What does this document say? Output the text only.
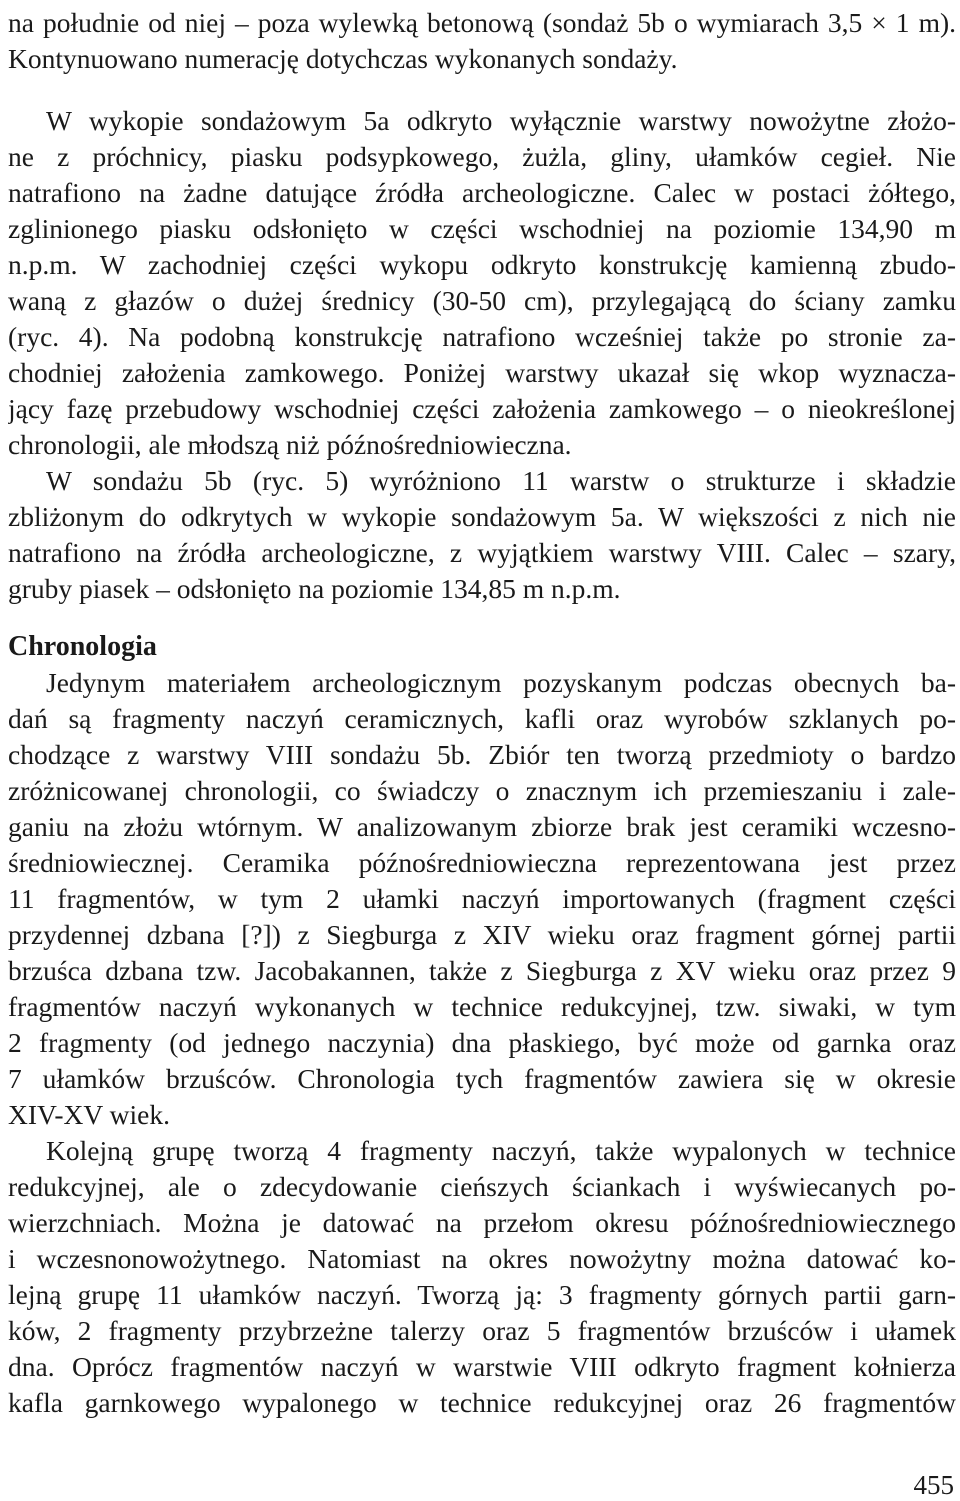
na południe od niej – poza wylewką betonową (sondaż 5b o wymiarach 3,5 × 1 m).
Kontynuowano numerację dotychczas wykonanych sondaży.
W wykopie sondażowym 5a odkryto wyłącznie warstwy nowożytne złożo-
ne z próchnicy, piasku podsypkowego, żużla, gliny, ułamków cegieł. Nie
natrafiono na żadne datujące źródła archeologiczne. Calec w postaci żółtego,
zglinionego piasku odsłonięto w części wschodniej na poziomie 134,90 m
n.p.m. W zachodniej części wykopu odkryto konstrukcję kamienną zbudo-
waną z głazów o dużej średnicy (30-50 cm), przylegającą do ściany zamku
(ryc. 4). Na podobną konstrukcję natrafiono wcześniej także po stronie za-
chodniej założenia zamkowego. Poniżej warstwy ukazał się wkop wyznacza-
jący fazę przebudowy wschodniej części założenia zamkowego – o nieokreślonej
chronologii, ale młodszą niż późnośredniowieczna.
W sondażu 5b (ryc. 5) wyróżniono 11 warstw o strukturze i składzie
zbliżonym do odkrytych w wykopie sondażowym 5a. W większości z nich nie
natrafiono na źródła archeologiczne, z wyjątkiem warstwy VIII. Calec – szary,
gruby piasek – odsłonięto na poziomie 134,85 m n.p.m.
Chronologia
Jedynym materiałem archeologicznym pozyskanym podczas obecnych ba-
dań są fragmenty naczyń ceramicznych, kafli oraz wyrobów szklanych po-
chodzące z warstwy VIII sondażu 5b. Zbiór ten tworzą przedmioty o bardzo
zróżnicowanej chronologii, co świadczy o znacznym ich przemieszaniu i zale-
ganiu na złożu wtórnym. W analizowanym zbiorze brak jest ceramiki wczesno-
średniowiecznej. Ceramika późnośredniowieczna reprezentowana jest przez
11 fragmentów, w tym 2 ułamki naczyń importowanych (fragment części
przydennej dzbana [?]) z Siegburga z XIV wieku oraz fragment górnej partii
brzuśca dzbana tzw. Jacobakannen, także z Siegburga z XV wieku oraz przez 9
fragmentów naczyń wykonanych w technice redukcyjnej, tzw. siwaki, w tym
2 fragmenty (od jednego naczynia) dna płaskiego, być może od garnka oraz
7 ułamków brzuśców. Chronologia tych fragmentów zawiera się w okresie
XIV-XV wiek.
Kolejną grupę tworzą 4 fragmenty naczyń, także wypalonych w technice
redukcyjnej, ale o zdecydowanie cieńszych ściankach i wyświecanych po-
wierzchniach. Można je datować na przełom okresu późnośredniowiecznego
i wczesnonowożytnego. Natomiast na okres nowożytny można datować ko-
lejną grupę 11 ułamków naczyń. Tworzą ją: 3 fragmenty górnych partii garn-
ków, 2 fragmenty przybrzeżne talerzy oraz 5 fragmentów brzuśców i ułamek
dna. Oprócz fragmentów naczyń w warstwie VIII odkryto fragment kołnierza
kafla garnkowego wypalonego w technice redukcyjnej oraz 26 fragmentów
455
